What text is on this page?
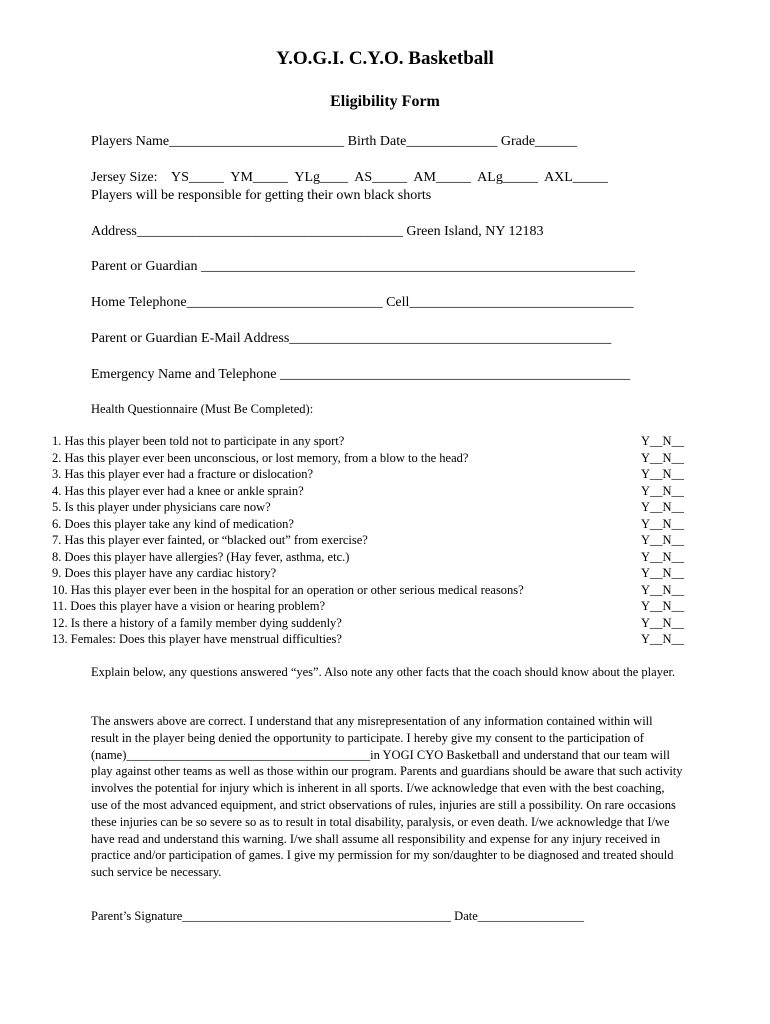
Y.O.G.I. C.Y.O. Basketball
Eligibility Form
Players Name_________________________ Birth Date_____________ Grade______
Jersey Size:    YS_____  YM_____  YLg____  AS_____  AM_____  ALg_____  AXL_____
Players will be responsible for getting their own black shorts
Address______________________________________ Green Island, NY 12183
Parent or Guardian ______________________________________________________________
Home Telephone____________________________ Cell________________________________
Parent or Guardian E-Mail Address______________________________________________
Emergency Name and Telephone __________________________________________________
Health Questionnaire (Must Be Completed):
1. Has this player been told not to participate in any sport?
2. Has this player ever been unconscious, or lost memory, from a blow to the head?
3. Has this player ever had a fracture or dislocation?
4. Has this player ever had a knee or ankle sprain?
5. Is this player under physicians care now?
6. Does this player take any kind of medication?
7. Has this player ever fainted, or “blacked out” from exercise?
8. Does this player have allergies? (Hay fever, asthma, etc.)
9. Does this player have any cardiac history?
10. Has this player ever been in the hospital for an operation or other serious medical reasons?
11. Does this player have a vision or hearing problem?
12. Is there a history of a family member dying suddenly?
13. Females: Does this player have menstrual difficulties?
Y__N__
Y__N__
Y__N__
Y__N__
Y__N__
Y__N__
Y__N__
Y__N__
Y__N__
Y__N__
Y__N__
Y__N__
Y__N__
Explain below, any questions answered “yes”. Also note any other facts that the coach should know about the player.
The answers above are correct. I understand that any misrepresentation of any information contained within will result in the player being denied the opportunity to participate. I hereby give my consent to the participation of (name)_______________________________________in YOGI CYO Basketball and understand that our team will play against other teams as well as those within our program. Parents and guardians should be aware that such activity involves the potential for injury which is inherent in all sports. I/we acknowledge that even with the best coaching, use of the most advanced equipment, and strict observations of rules, injuries are still a possibility. On rare occasions these injuries can be so severe so as to result in total disability, paralysis, or even death. I/we acknowledge that I/we have read and understand this warning. I/we shall assume all responsibility and expense for any injury received in practice and/or participation of games. I give my permission for my son/daughter to be diagnosed and treated should such service be necessary.
Parent’s Signature___________________________________________ Date_________________
